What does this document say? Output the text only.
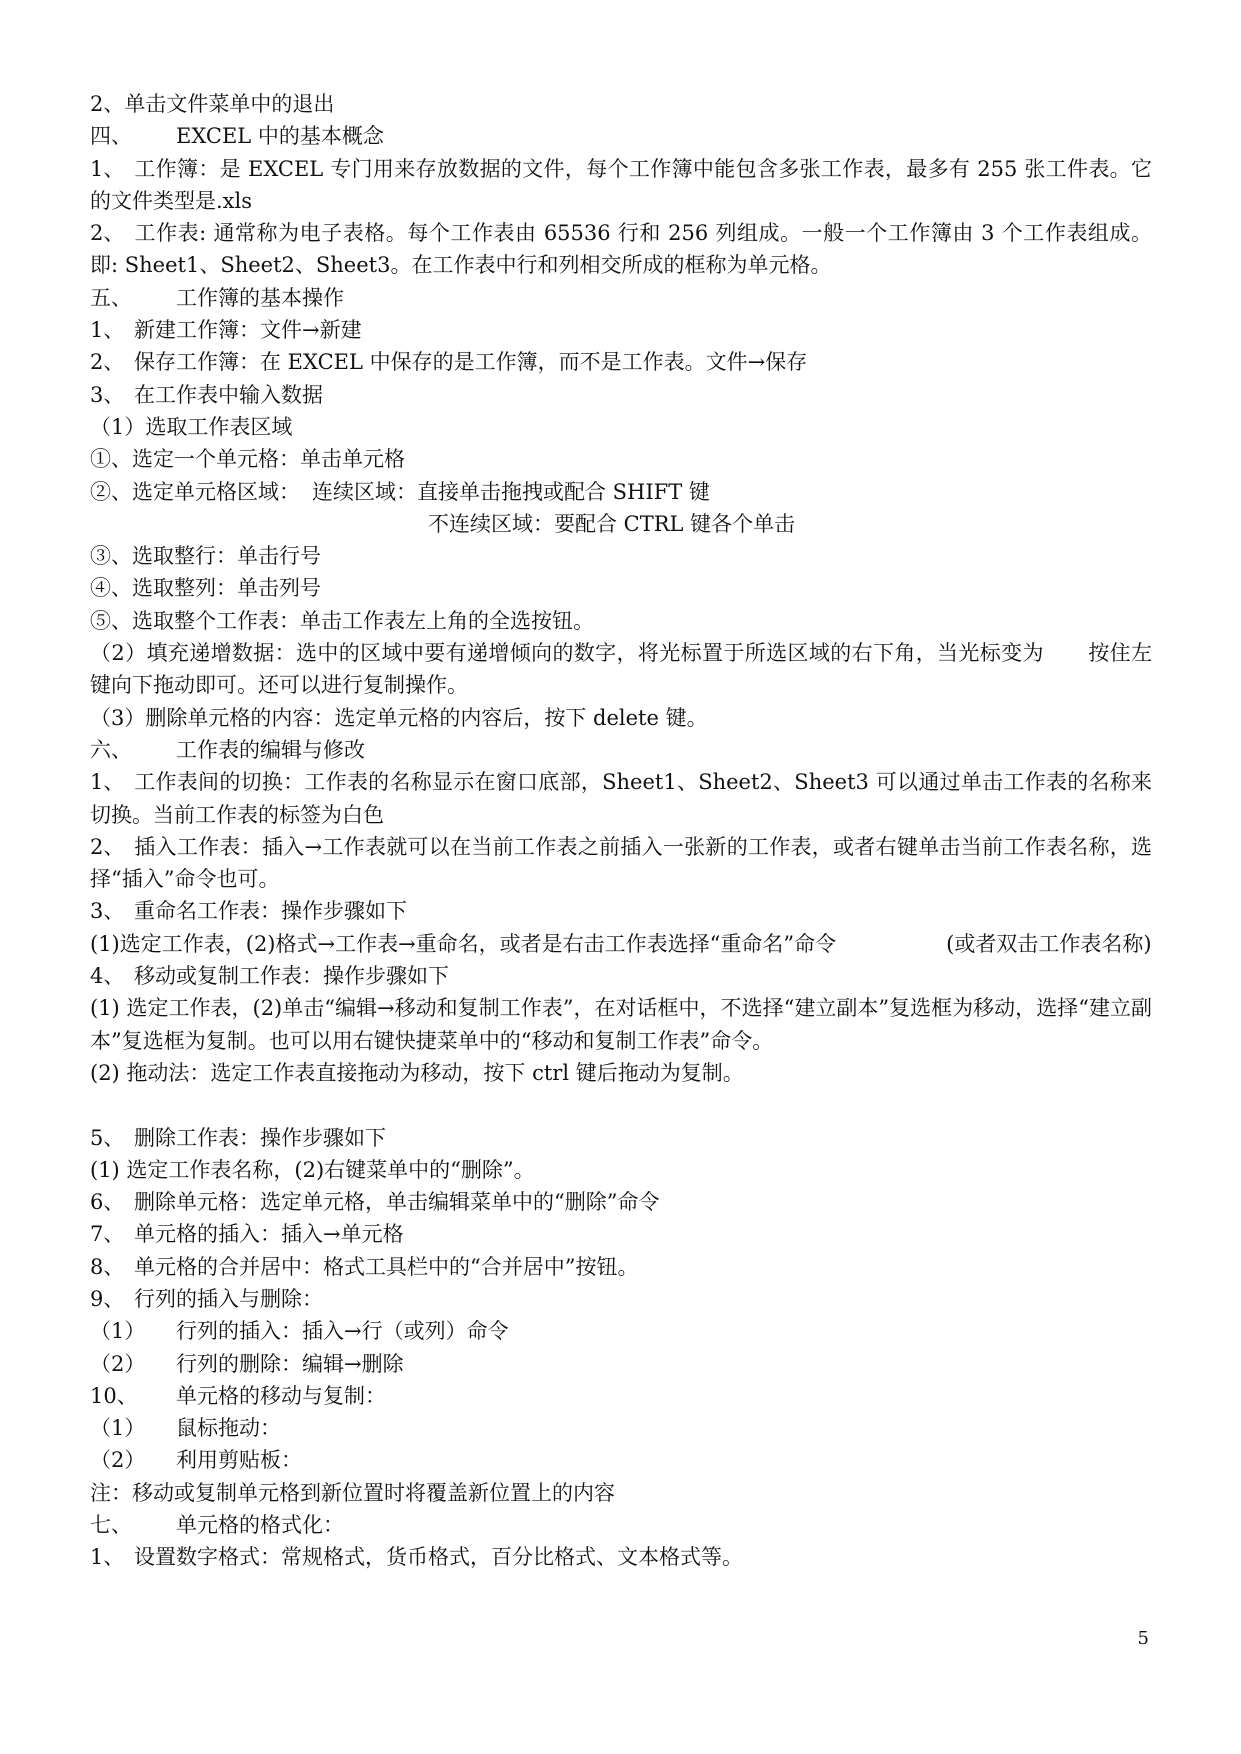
2、单击文件菜单中的退出
四、 EXCEL 中的基本概念
1、 工作簿：是 EXCEL 专门用来存放数据的文件，每个工作簿中能包含多张工作表，最多有 255 张工件表。它的文件类型是.xls
2、 工作表: 通常称为电子表格。每个工作表由 65536 行和 256 列组成。一般一个工作簿由 3 个工作表组成。即: Sheet1、Sheet2、Sheet3。在工作表中行和列相交所成的框称为单元格。
五、 工作簿的基本操作
1、 新建工作簿：文件→新建
2、 保存工作簿：在 EXCEL 中保存的是工作簿，而不是工作表。文件→保存
3、 在工作表中输入数据
（1）选取工作表区域
①、选定一个单元格：单击单元格
②、选定单元格区域： 连续区域：直接单击拖拽或配合 SHIFT 键
不连续区域：要配合 CTRL 键各个单击
③、选取整行：单击行号
④、选取整列：单击列号
⑤、选取整个工作表：单击工作表左上角的全选按钮。
（2）填充递增数据：选中的区域中要有递增倾向的数字，将光标置于所选区域的右下角，当光标变为 按住左键向下拖动即可。还可以进行复制操作。
（3）删除单元格的内容：选定单元格的内容后，按下 delete 键。
六、 工作表的编辑与修改
1、 工作表间的切换：工作表的名称显示在窗口底部，Sheet1、Sheet2、Sheet3 可以通过单击工作表的名称来切换。当前工作表的标签为白色
2、 插入工作表：插入→工作表就可以在当前工作表之前插入一张新的工作表，或者右键单击当前工作表名称，选择“插入”命令也可。
3、 重命名工作表：操作步骤如下
(1)选定工作表，(2)格式→工作表→重命名，或者是右击工作表选择“重命名”命令	(或者双击工作表名称)
4、 移动或复制工作表：操作步骤如下
(1) 选定工作表，(2)单击“编辑→移动和复制工作表”，在对话框中，不选择“建立副本”复选框为移动，选择“建立副本”复选框为复制。也可以用右键快捷菜单中的“移动和复制工作表”命令。
(2) 拖动法：选定工作表直接拖动为移动，按下 ctrl 键后拖动为复制。
5、 删除工作表：操作步骤如下
(1) 选定工作表名称，(2)右键菜单中的“删除”。
6、 删除单元格：选定单元格，单击编辑菜单中的“删除”命令
7、 单元格的插入：插入→单元格
8、 单元格的合并居中：格式工具栏中的“合并居中”按钮。
9、 行列的插入与删除：
（1） 行列的插入：插入→行（或列）命令
（2） 行列的删除：编辑→删除
10、 单元格的移动与复制：
（1） 鼠标拖动：
（2） 利用剪贴板：
注：移动或复制单元格到新位置时将覆盖新位置上的内容
七、 单元格的格式化：
1、 设置数字格式：常规格式，货币格式，百分比格式、文本格式等。
5
